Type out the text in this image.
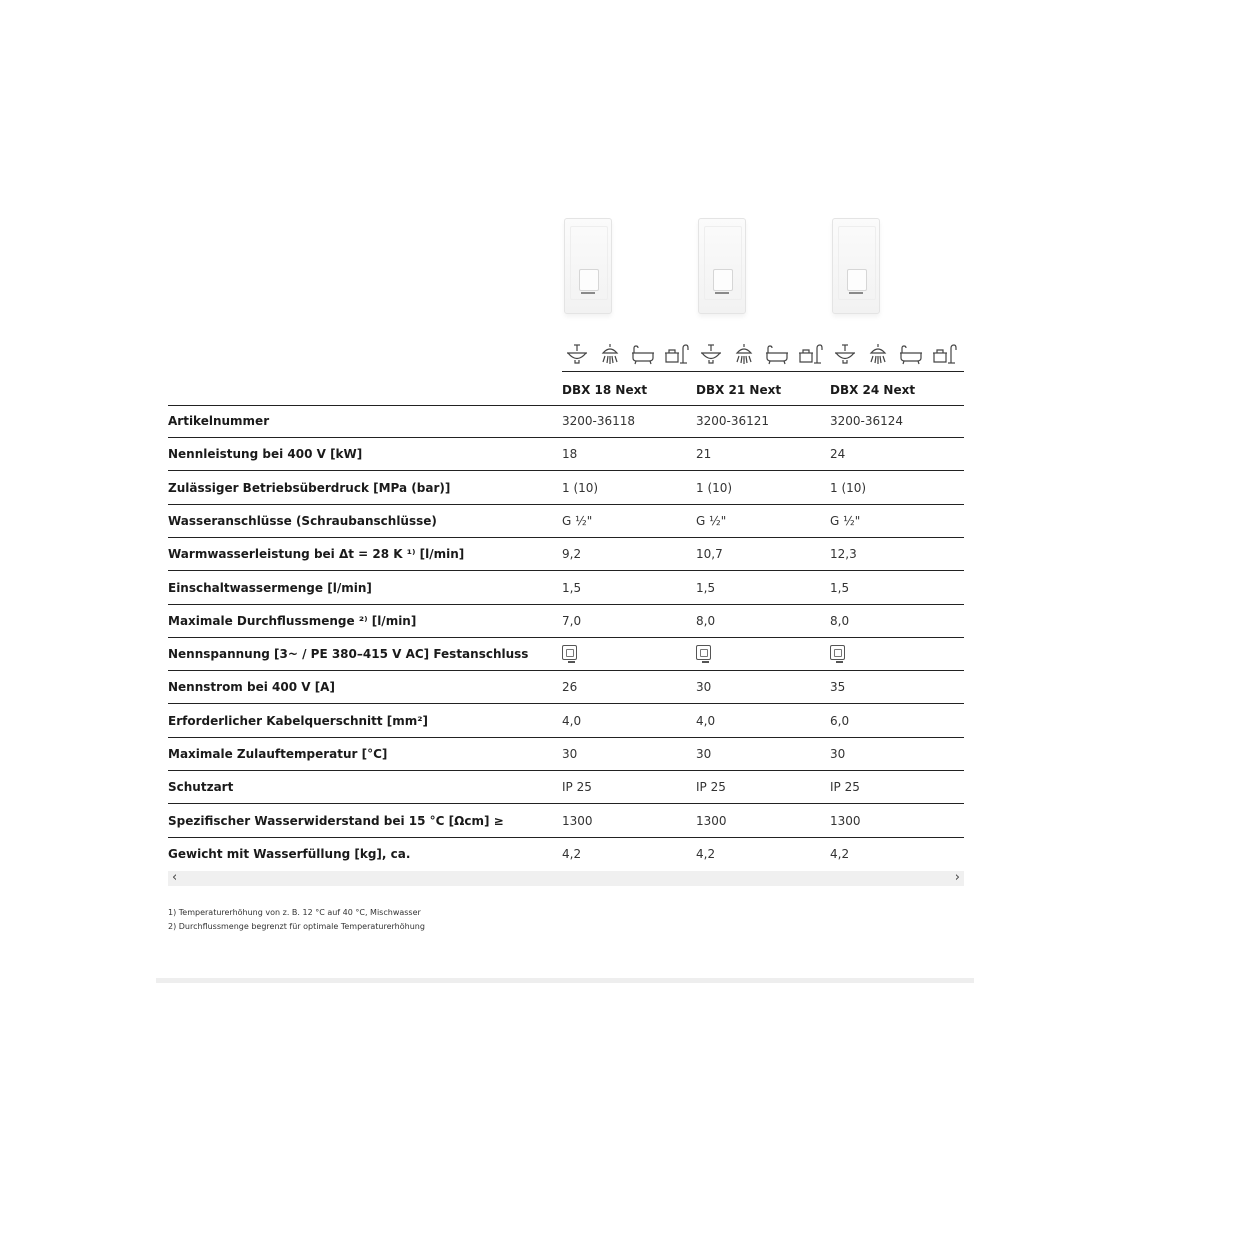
DBX 18 Next	DBX 21 Next	DBX 24 Next
Artikelnummer	3200-36118	3200-36121	3200-36124
Nennleistung bei 400 V [kW]	18	21	24
Zulässiger Betriebsüberdruck [MPa (bar)]	1 (10)	1 (10)	1 (10)
Wasseranschlüsse (Schraubanschlüsse)	G ½"	G ½"	G ½"
Warmwasserleistung bei Δt = 28 K ¹⁾ [l/min]	9,2	10,7	12,3
Einschaltwassermenge [l/min]	1,5	1,5	1,5
Maximale Durchflussmenge ²⁾ [l/min]	7,0	8,0	8,0
Nennspannung [3~ / PE 380–415 V AC] Festanschluss
Nennstrom bei 400 V [A]	26	30	35
Erforderlicher Kabelquerschnitt [mm²]	4,0	4,0	6,0
Maximale Zulauftemperatur [°C]	30	30	30
Schutzart	IP 25	IP 25	IP 25
Spezifischer Wasserwiderstand bei 15 °C [Ωcm] ≥	1300	1300	1300
Gewicht mit Wasserfüllung [kg], ca.	4,2	4,2	4,2
‹	›
1) Temperaturerhöhung von z. B. 12 °C auf 40 °C, Mischwasser
2) Durchflussmenge begrenzt für optimale Temperaturerhöhung
